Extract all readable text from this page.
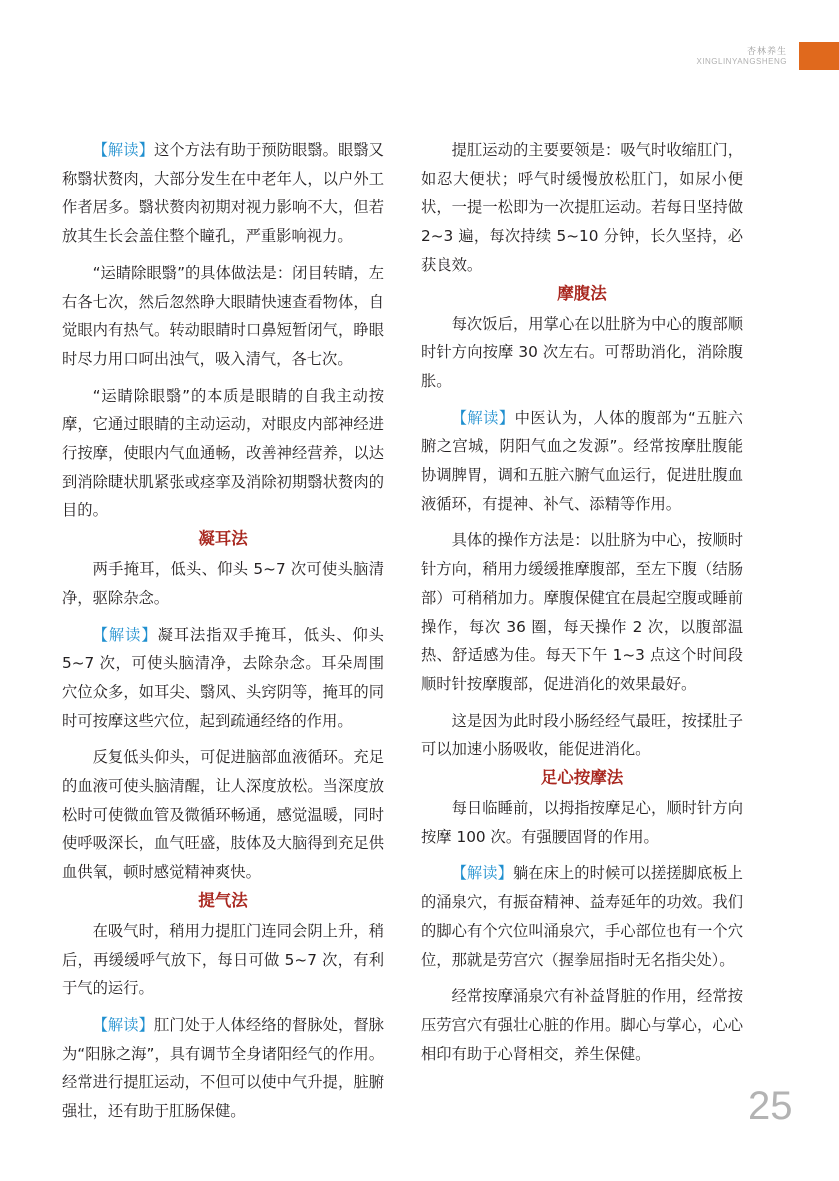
杏林养生
XINGLINYANGSHENG

【解读】这个方法有助于预防眼翳。眼翳又称翳状赘肉，大部分发生在中老年人，以户外工作者居多。翳状赘肉初期对视力影响不大，但若放其生长会盖住整个瞳孔，严重影响视力。

“运睛除眼翳”的具体做法是：闭目转睛，左右各七次，然后忽然睁大眼睛快速查看物体，自觉眼内有热气。转动眼睛时口鼻短暂闭气，睁眼时尽力用口呵出浊气，吸入清气，各七次。

“运睛除眼翳”的本质是眼睛的自我主动按摩，它通过眼睛的主动运动，对眼皮内部神经进行按摩，使眼内气血通畅，改善神经营养，以达到消除睫状肌紧张或痉挛及消除初期翳状赘肉的目的。

凝耳法

两手掩耳，低头、仰头 5~7 次可使头脑清净，驱除杂念。

【解读】凝耳法指双手掩耳，低头、仰头 5~7 次，可使头脑清净，去除杂念。耳朵周围穴位众多，如耳尖、翳风、头窍阴等，掩耳的同时可按摩这些穴位，起到疏通经络的作用。

反复低头仰头，可促进脑部血液循环。充足的血液可使头脑清醒，让人深度放松。当深度放松时可使微血管及微循环畅通，感觉温暖，同时使呼吸深长，血气旺盛，肢体及大脑得到充足供血供氧，顿时感觉精神爽快。

提气法

在吸气时，稍用力提肛门连同会阴上升，稍后，再缓缓呼气放下，每日可做 5~7 次，有利于气的运行。

【解读】肛门处于人体经络的督脉处，督脉为“阳脉之海”，具有调节全身诸阳经气的作用。经常进行提肛运动，不但可以使中气升提，脏腑强壮，还有助于肛肠保健。

提肛运动的主要要领是：吸气时收缩肛门，如忍大便状；呼气时缓慢放松肛门，如尿小便状，一提一松即为一次提肛运动。若每日坚持做 2~3 遍，每次持续 5~10 分钟，长久坚持，必获良效。

摩腹法

每次饭后，用掌心在以肚脐为中心的腹部顺时针方向按摩 30 次左右。可帮助消化，消除腹胀。

【解读】中医认为，人体的腹部为“五脏六腑之宫城，阴阳气血之发源”。经常按摩肚腹能协调脾胃，调和五脏六腑气血运行，促进肚腹血液循环，有提神、补气、添精等作用。

具体的操作方法是：以肚脐为中心，按顺时针方向，稍用力缓缓推摩腹部，至左下腹（结肠部）可稍稍加力。摩腹保健宜在晨起空腹或睡前操作，每次 36 圈，每天操作 2 次，以腹部温热、舒适感为佳。每天下午 1~3 点这个时间段顺时针按摩腹部，促进消化的效果最好。

这是因为此时段小肠经经气最旺，按揉肚子可以加速小肠吸收，能促进消化。

足心按摩法

每日临睡前，以拇指按摩足心，顺时针方向按摩 100 次。有强腰固肾的作用。

【解读】躺在床上的时候可以搓搓脚底板上的涌泉穴，有振奋精神、益寿延年的功效。我们的脚心有个穴位叫涌泉穴，手心部位也有一个穴位，那就是劳宫穴（握拳屈指时无名指尖处）。

经常按摩涌泉穴有补益肾脏的作用，经常按压劳宫穴有强壮心脏的作用。脚心与掌心，心心相印有助于心肾相交，养生保健。

25
